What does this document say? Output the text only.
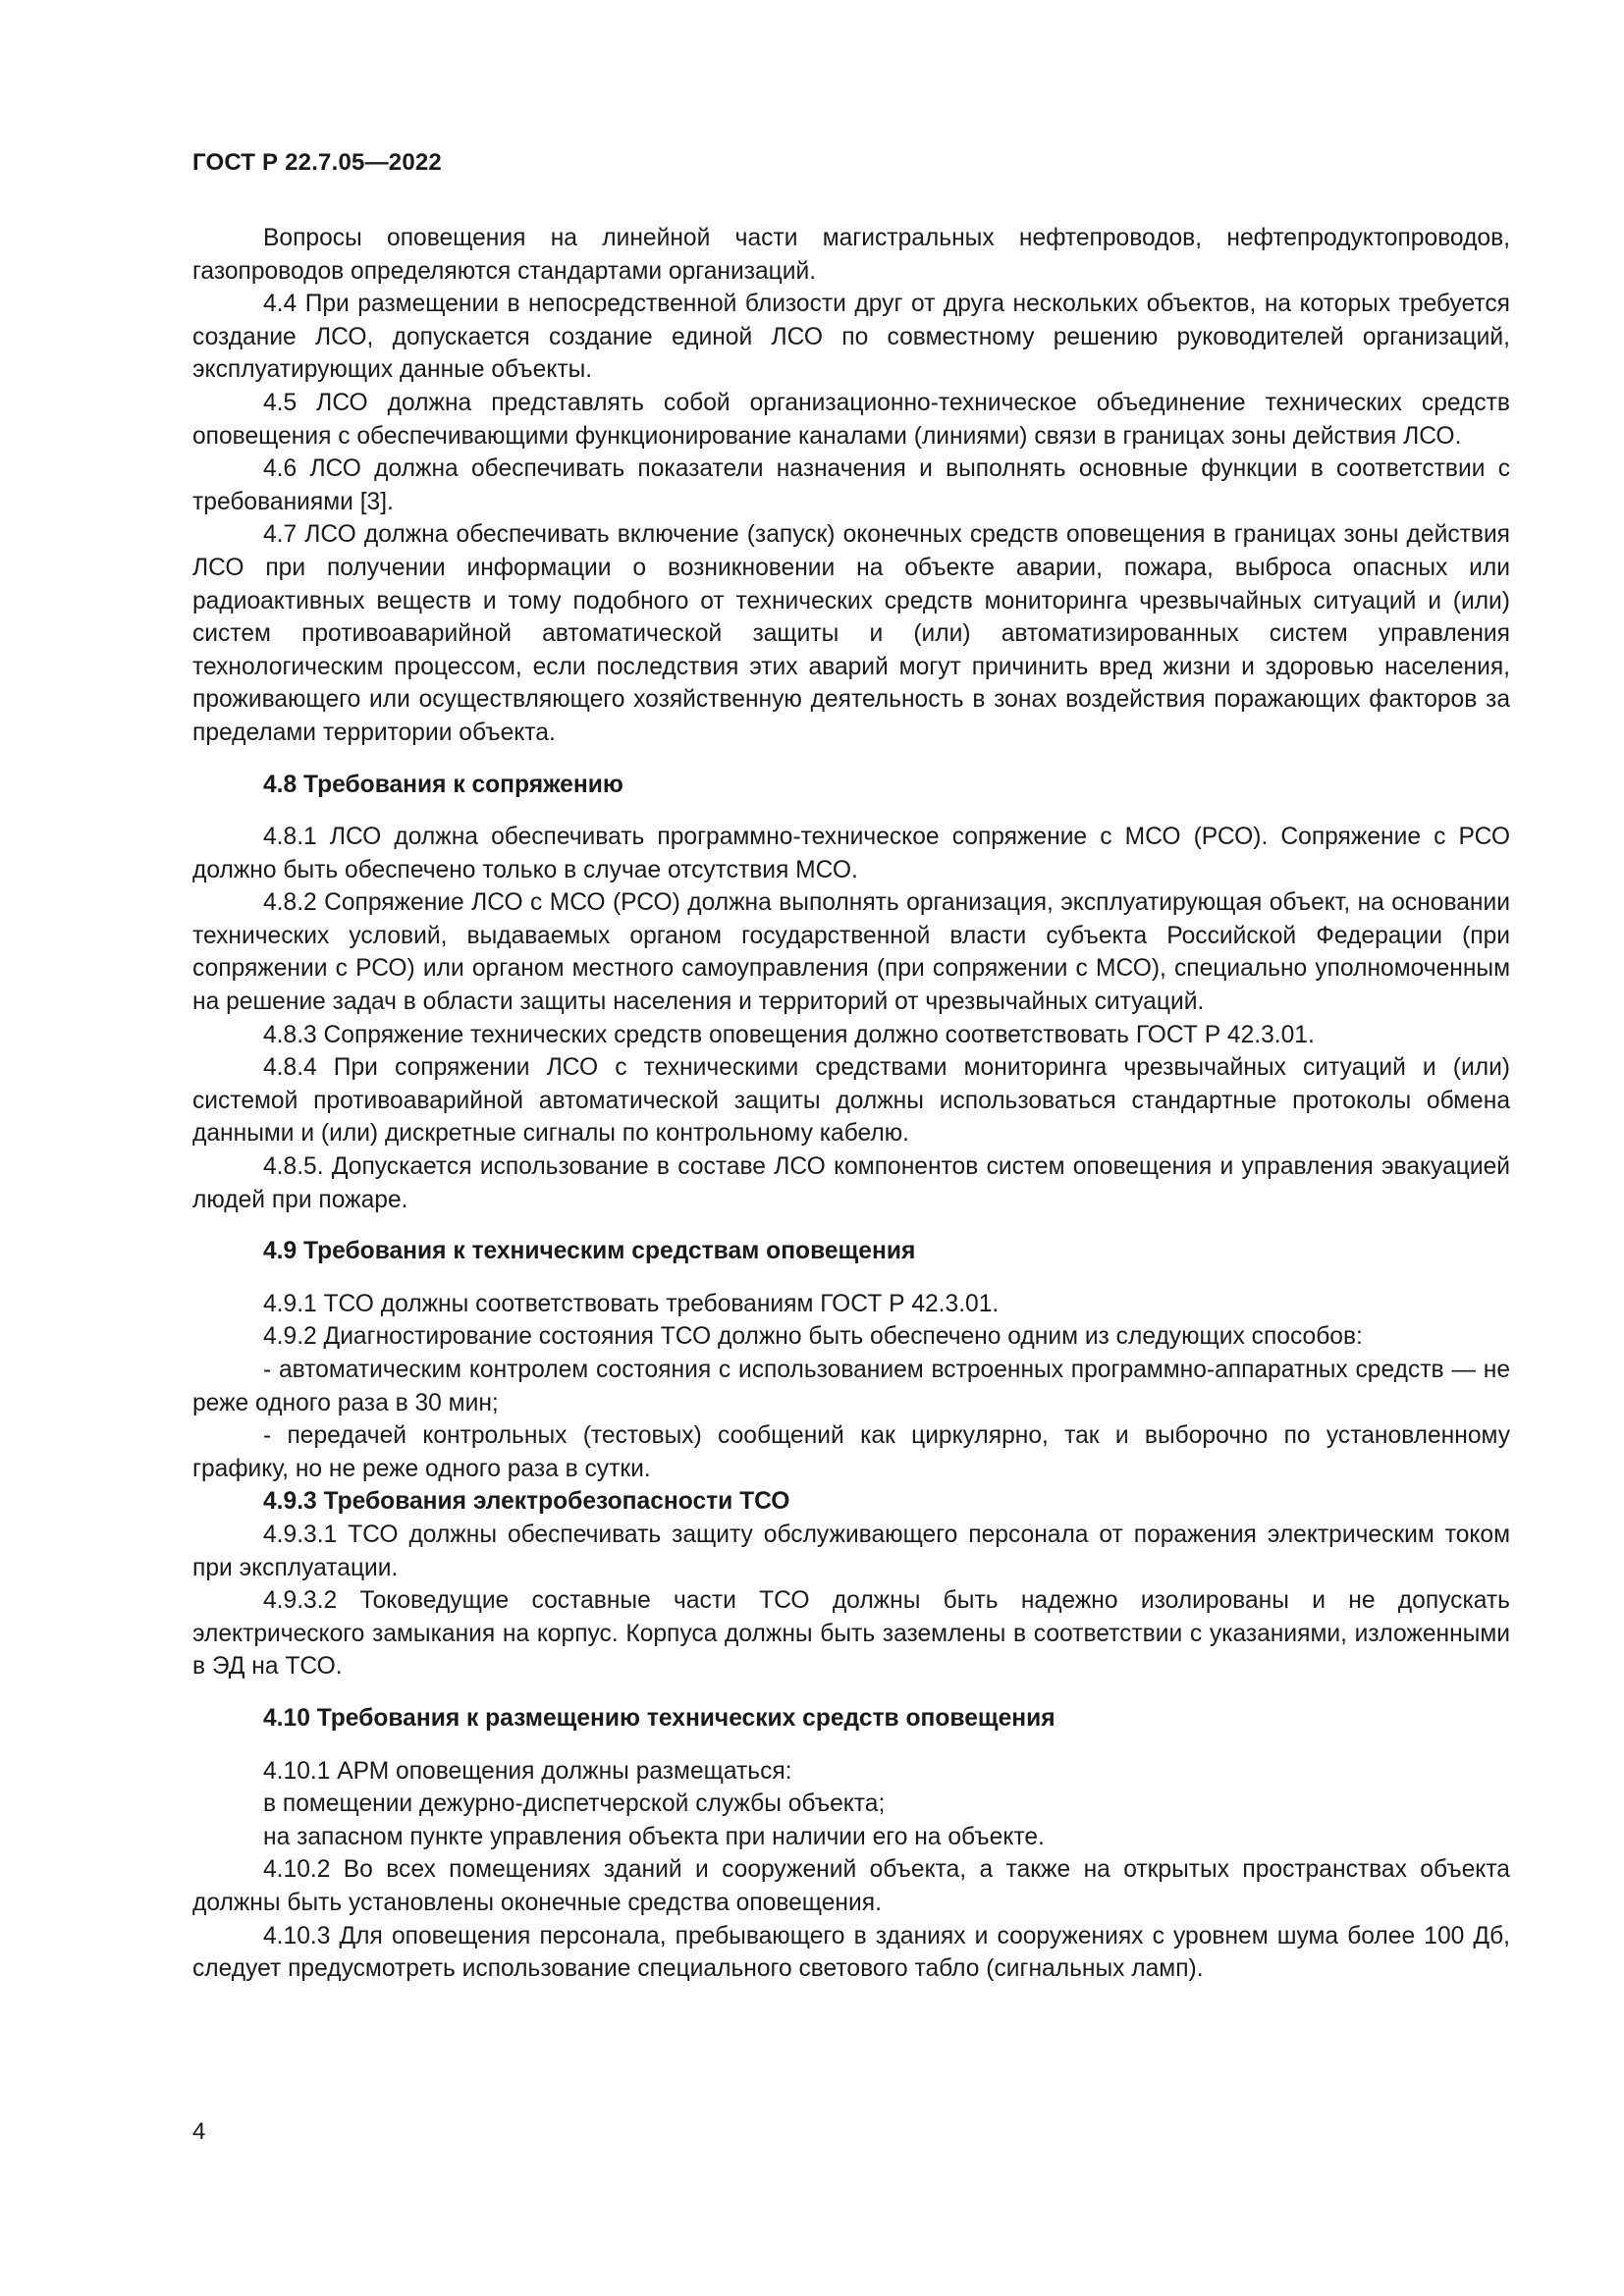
ГОСТ Р 22.7.05—2022

Вопросы оповещения на линейной части магистральных нефтепроводов, нефтепродуктопроводов, газопроводов определяются стандартами организаций.

4.4 При размещении в непосредственной близости друг от друга нескольких объектов, на которых требуется создание ЛСО, допускается создание единой ЛСО по совместному решению руководителей организаций, эксплуатирующих данные объекты.

4.5 ЛСО должна представлять собой организационно-техническое объединение технических средств оповещения с обеспечивающими функционирование каналами (линиями) связи в границах зоны действия ЛСО.

4.6 ЛСО должна обеспечивать показатели назначения и выполнять основные функции в соответствии с требованиями [3].

4.7 ЛСО должна обеспечивать включение (запуск) оконечных средств оповещения в границах зоны действия ЛСО при получении информации о возникновении на объекте аварии, пожара, выброса опасных или радиоактивных веществ и тому подобного от технических средств мониторинга чрезвычайных ситуаций и (или) систем противоаварийной автоматической защиты и (или) автоматизированных систем управления технологическим процессом, если последствия этих аварий могут причинить вред жизни и здоровью населения, проживающего или осуществляющего хозяйственную деятельность в зонах воздействия поражающих факторов за пределами территории объекта.

4.8 Требования к сопряжению

4.8.1 ЛСО должна обеспечивать программно-техническое сопряжение с МСО (РСО). Сопряжение с РСО должно быть обеспечено только в случае отсутствия МСО.

4.8.2 Сопряжение ЛСО с МСО (РСО) должна выполнять организация, эксплуатирующая объект, на основании технических условий, выдаваемых органом государственной власти субъекта Российской Федерации (при сопряжении с РСО) или органом местного самоуправления (при сопряжении с МСО), специально уполномоченным на решение задач в области защиты населения и территорий от чрезвычайных ситуаций.

4.8.3 Сопряжение технических средств оповещения должно соответствовать ГОСТ Р 42.3.01.

4.8.4 При сопряжении ЛСО с техническими средствами мониторинга чрезвычайных ситуаций и (или) системой противоаварийной автоматической защиты должны использоваться стандартные протоколы обмена данными и (или) дискретные сигналы по контрольному кабелю.

4.8.5. Допускается использование в составе ЛСО компонентов систем оповещения и управления эвакуацией людей при пожаре.

4.9 Требования к техническим средствам оповещения

4.9.1 ТСО должны соответствовать требованиям ГОСТ Р 42.3.01.

4.9.2 Диагностирование состояния ТСО должно быть обеспечено одним из следующих способов:

- автоматическим контролем состояния с использованием встроенных программно-аппаратных средств — не реже одного раза в 30 мин;

- передачей контрольных (тестовых) сообщений как циркулярно, так и выборочно по установленному графику, но не реже одного раза в сутки.

4.9.3 Требования электробезопасности ТСО

4.9.3.1 ТСО должны обеспечивать защиту обслуживающего персонала от поражения электрическим током при эксплуатации.

4.9.3.2 Токоведущие составные части ТСО должны быть надежно изолированы и не допускать электрического замыкания на корпус. Корпуса должны быть заземлены в соответствии с указаниями, изложенными в ЭД на ТСО.

4.10 Требования к размещению технических средств оповещения

4.10.1 АРМ оповещения должны размещаться:

в помещении дежурно-диспетчерской службы объекта;

на запасном пункте управления объекта при наличии его на объекте.

4.10.2 Во всех помещениях зданий и сооружений объекта, а также на открытых пространствах объекта должны быть установлены оконечные средства оповещения.

4.10.3 Для оповещения персонала, пребывающего в зданиях и сооружениях с уровнем шума более 100 Дб, следует предусмотреть использование специального светового табло (сигнальных ламп).

4
